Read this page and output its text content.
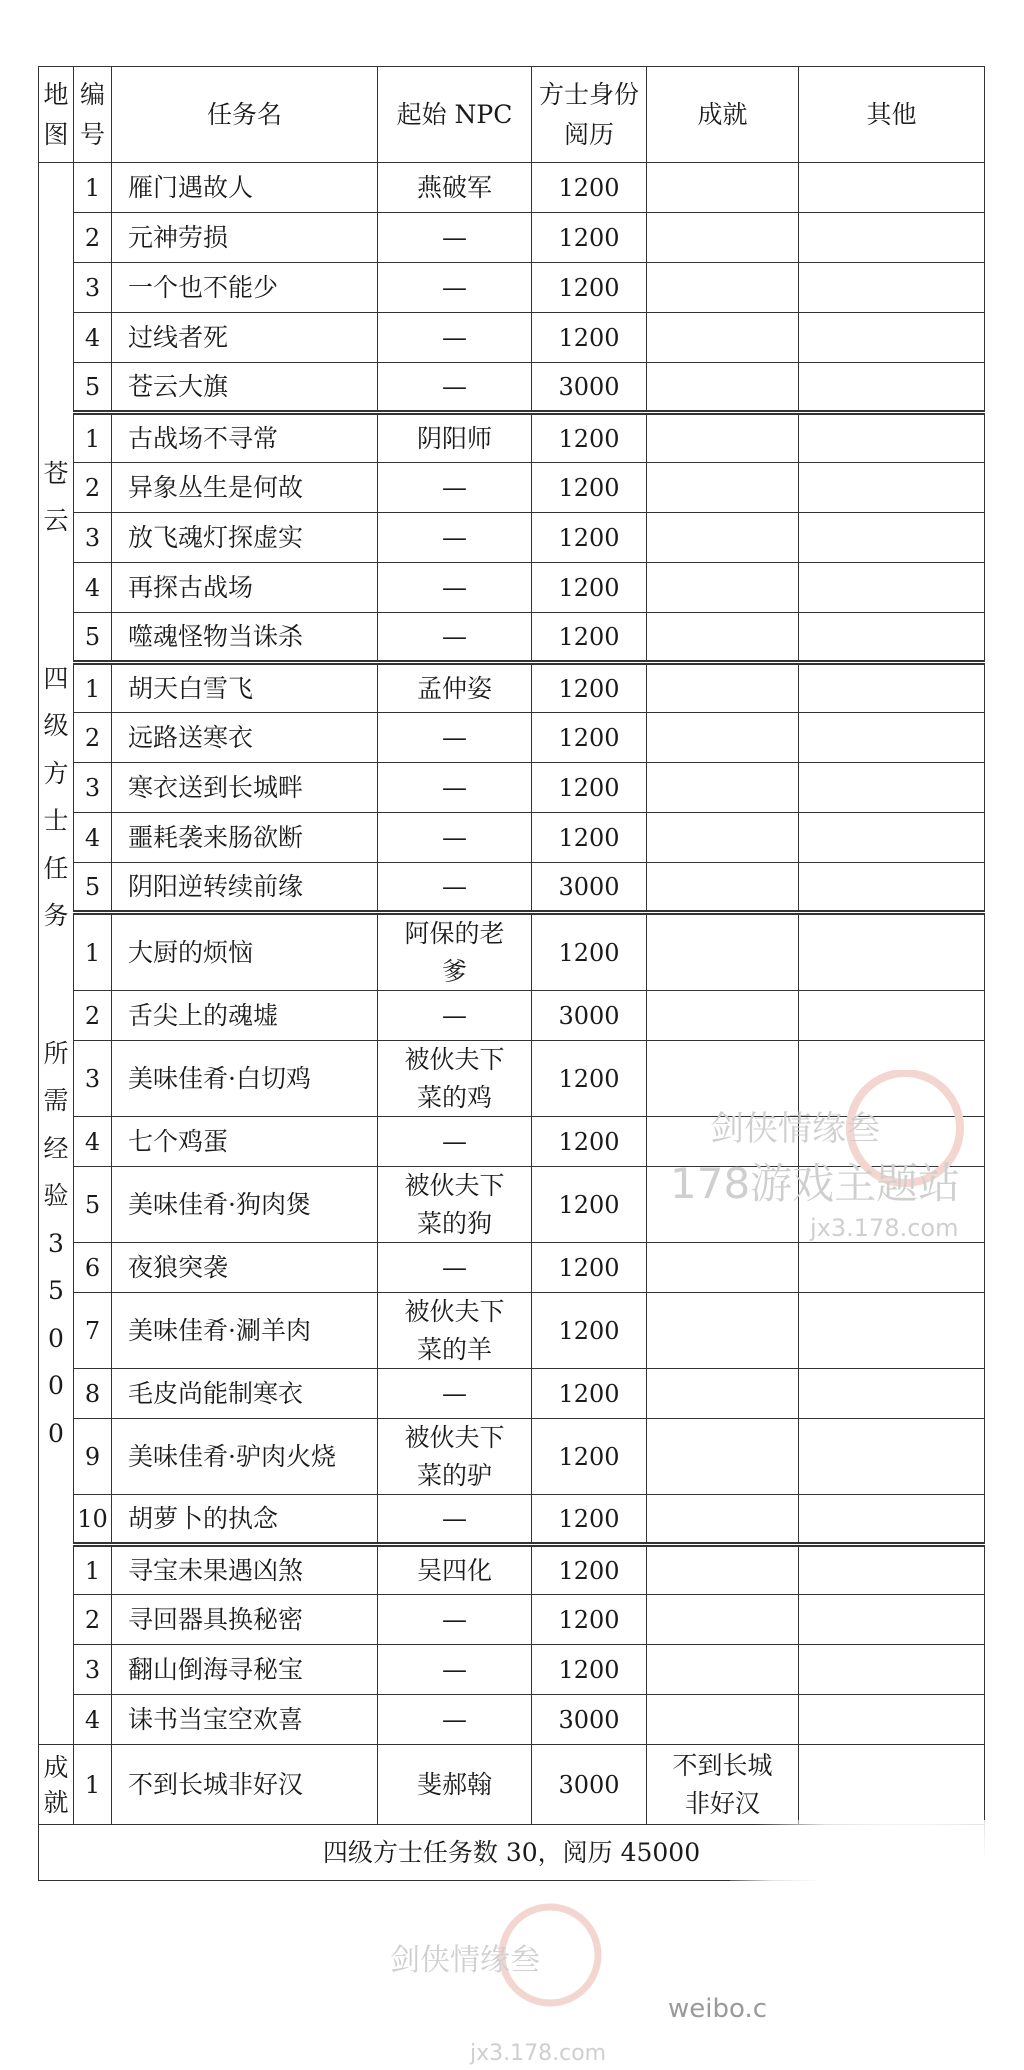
地图	编号	任务名	起始 NPC	方士身份阅历	成就	其他

苍云
四级方士任务
所需经验35000	1	雁门遇故人	燕破军	1200		
	2	元神劳损	—	1200		
	3	一个也不能少	—	1200		
	4	过线者死	—	1200		
	5	苍云大旗	—	3000		
	1	古战场不寻常	阴阳师	1200		
	2	异象丛生是何故	—	1200		
	3	放飞魂灯探虚实	—	1200		
	4	再探古战场	—	1200		
	5	噬魂怪物当诛杀	—	1200		
	1	胡天白雪飞	孟仲姿	1200		
	2	远路送寒衣	—	1200		
	3	寒衣送到长城畔	—	1200		
	4	噩耗袭来肠欲断	—	1200		
	5	阴阳逆转续前缘	—	3000		
	1	大厨的烦恼	阿保的老爹	1200		
	2	舌尖上的魂墟	—	3000		
	3	美味佳肴·白切鸡	被伙夫下菜的鸡	1200		
	4	七个鸡蛋	—	1200		
	5	美味佳肴·狗肉煲	被伙夫下菜的狗	1200		
	6	夜狼突袭	—	1200		
	7	美味佳肴·涮羊肉	被伙夫下菜的羊	1200		
	8	毛皮尚能制寒衣	—	1200		
	9	美味佳肴·驴肉火烧	被伙夫下菜的驴	1200		
	10	胡萝卜的执念	—	1200		
	1	寻宝未果遇凶煞	吴四化	1200		
	2	寻回器具换秘密	—	1200		
	3	翻山倒海寻秘宝	—	1200		
	4	诔书当宝空欢喜	—	3000		
成就	1	不到长城非好汉	斐郝翰	3000	不到长城非好汉	
四级方士任务数 30，阅历 45000						
剑侠情缘叁
178游戏主题站
jx3.178.com
剑侠情缘叁
jx3.178.com
weibo.c
